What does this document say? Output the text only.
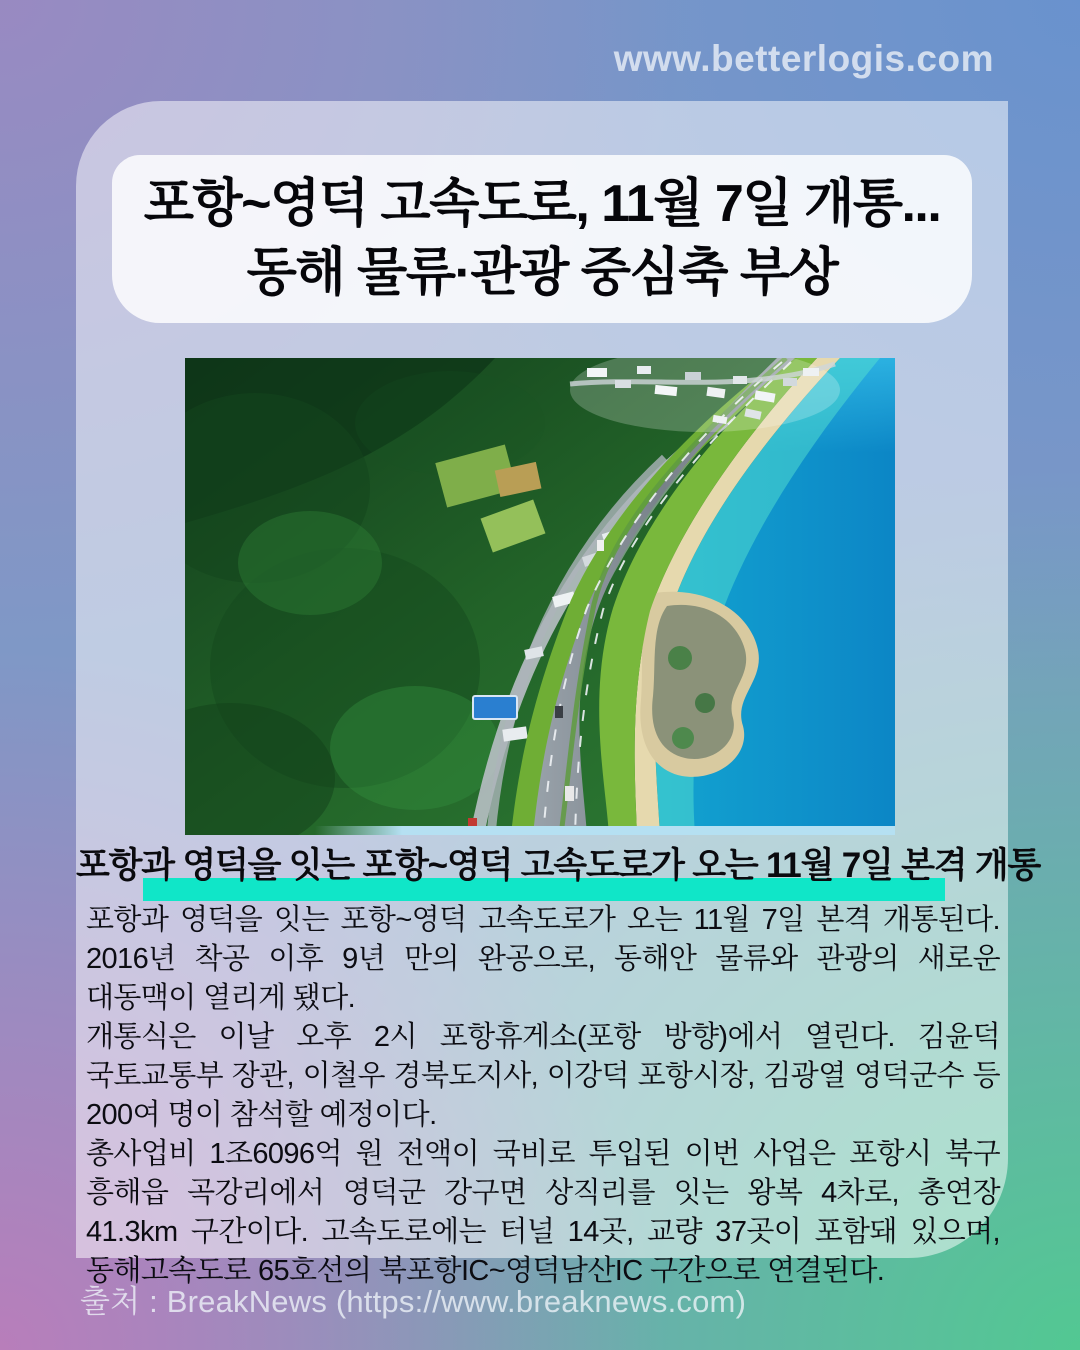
www.betterlogis.com
포항~영덕 고속도로, 11월 7일 개통...
동해 물류·관광 중심축 부상
포항과 영덕을 잇는 포항~영덕 고속도로가 오는 11월 7일 본격 개통

포항과 영덕을 잇는 포항~영덕 고속도로가 오는 11월 7일 본격 개통된다. 2016년 착공 이후 9년 만의 완공으로, 동해안 물류와 관광의 새로운 대동맥이 열리게 됐다.

개통식은 이날 오후 2시 포항휴게소(포항 방향)에서 열린다. 김윤덕 국토교통부 장관, 이철우 경북도지사, 이강덕 포항시장, 김광열 영덕군수 등 200여 명이 참석할 예정이다.

총사업비 1조6096억 원 전액이 국비로 투입된 이번 사업은 포항시 북구 흥해읍 곡강리에서 영덕군 강구면 상직리를 잇는 왕복 4차로, 총연장 41.3km 구간이다. 고속도로에는 터널 14곳, 교량 37곳이 포함돼 있으며, 동해고속도로 65호선의 북포항IC~영덕남산IC 구간으로 연결된다.

출처 : BreakNews (https://www.breaknews.com)
